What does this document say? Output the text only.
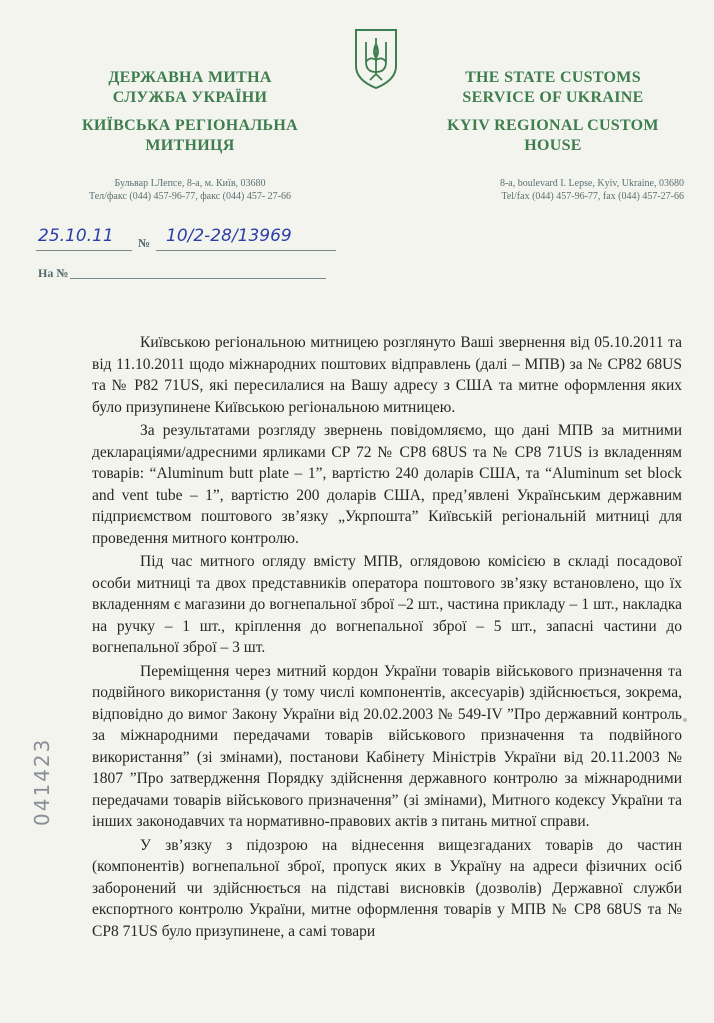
ДЕРЖАВНА МИТНА
СЛУЖБА УКРАЇНИ
КИЇВСЬКА РЕГІОНАЛЬНА
МИТНИЦЯ
THE STATE CUSTOMS
SERVICE OF UKRAINE
KYIV REGIONAL CUSTOM
HOUSE
Бульвар І.Лепсе, 8-а, м. Київ, 03680
Тел/факс (044) 457-96-77, факс (044) 457- 27-66
8-a, boulevard I. Lepse, Kyiv, Ukraine, 03680
Tel/fax (044) 457-96-77, fax (044) 457-27-66
25.10.11 № 10/2-28/13969
На №

Київською регіональною митницею розглянуто Ваші звернення від 05.10.2011 та від 11.10.2011 щодо міжнародних поштових відправлень (далі – МПВ) за № СР82 68US та № Р82 71US, які пересилалися на Вашу адресу з США та митне оформлення яких було призупинене Київською регіональною митницею.

За результатами розгляду звернень повідомляємо, що дані МПВ за митними деклараціями/адресними ярликами СР 72 № СР8 68US та № СР8 71US із вкладенням товарів: “Aluminum butt plate – 1”, вартістю 240 доларів США, та “Aluminum set block and vent tube – 1”, вартістю 200 доларів США, пред’явлені Українським державним підприємством поштового зв’язку „Укрпошта” Київській регіональній митниці для проведення митного контролю.

Під час митного огляду вмісту МПВ, оглядовою комісією в складі посадової особи митниці та двох представників оператора поштового зв’язку встановлено, що їх вкладенням є магазини до вогнепальної зброї –2 шт., частина прикладу – 1 шт., накладка на ручку – 1 шт., кріплення до вогнепальної зброї – 5 шт., запасні частини до вогнепальної зброї – 3 шт.

Переміщення через митний кордон України товарів військового призначення та подвійного використання (у тому числі компонентів, аксесуарів) здійснюється, зокрема, відповідно до вимог Закону України від 20.02.2003 № 549-IV ”Про державний контроль за міжнародними передачами товарів військового призначення та подвійного використання” (зі змінами), постанови Кабінету Міністрів України від 20.11.2003 № 1807 ”Про затвердження Порядку здійснення державного контролю за міжнародними передачами товарів військового призначення” (зі змінами), Митного кодексу України та інших законодавчих та нормативно-правових актів з питань митної справи.

У зв’язку з підозрою на віднесення вищезгаданих товарів до частин (компонентів) вогнепальної зброї, пропуск яких в Україну на адреси фізичних осіб заборонений чи здійснюється на підставі висновків (дозволів) Державної служби експортного контролю України, митне оформлення товарів у МПВ № СР8 68US та № СР8 71US було призупинене, а самі товари

041423
